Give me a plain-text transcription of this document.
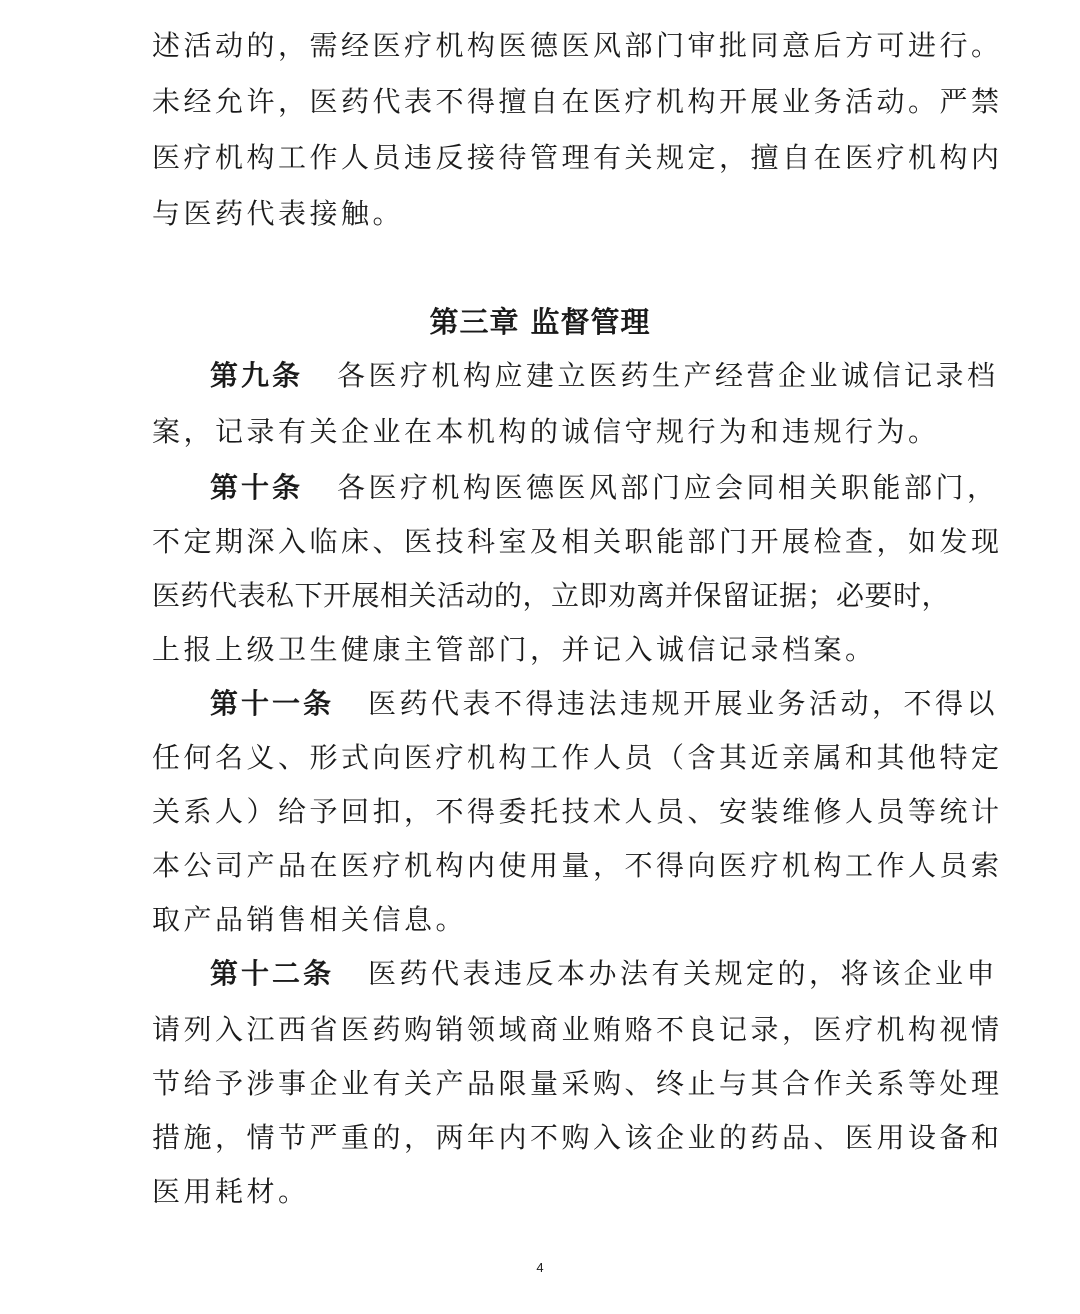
述活动的，需经医疗机构医德医风部门审批同意后方可进行。
未经允许，医药代表不得擅自在医疗机构开展业务活动。严禁
医疗机构工作人员违反接待管理有关规定，擅自在医疗机构内
与医药代表接触。
第三章 监督管理
第九条 各医疗机构应建立医药生产经营企业诚信记录档
案，记录有关企业在本机构的诚信守规行为和违规行为。
第十条 各医疗机构医德医风部门应会同相关职能部门，
不定期深入临床、医技科室及相关职能部门开展检查，如发现
医药代表私下开展相关活动的，立即劝离并保留证据；必要时，
上报上级卫生健康主管部门，并记入诚信记录档案。
第十一条 医药代表不得违法违规开展业务活动，不得以
任何名义、形式向医疗机构工作人员（含其近亲属和其他特定
关系人）给予回扣，不得委托技术人员、安装维修人员等统计
本公司产品在医疗机构内使用量，不得向医疗机构工作人员索
取产品销售相关信息。
第十二条 医药代表违反本办法有关规定的，将该企业申
请列入江西省医药购销领域商业贿赂不良记录，医疗机构视情
节给予涉事企业有关产品限量采购、终止与其合作关系等处理
措施，情节严重的，两年内不购入该企业的药品、医用设备和
医用耗材。
4
